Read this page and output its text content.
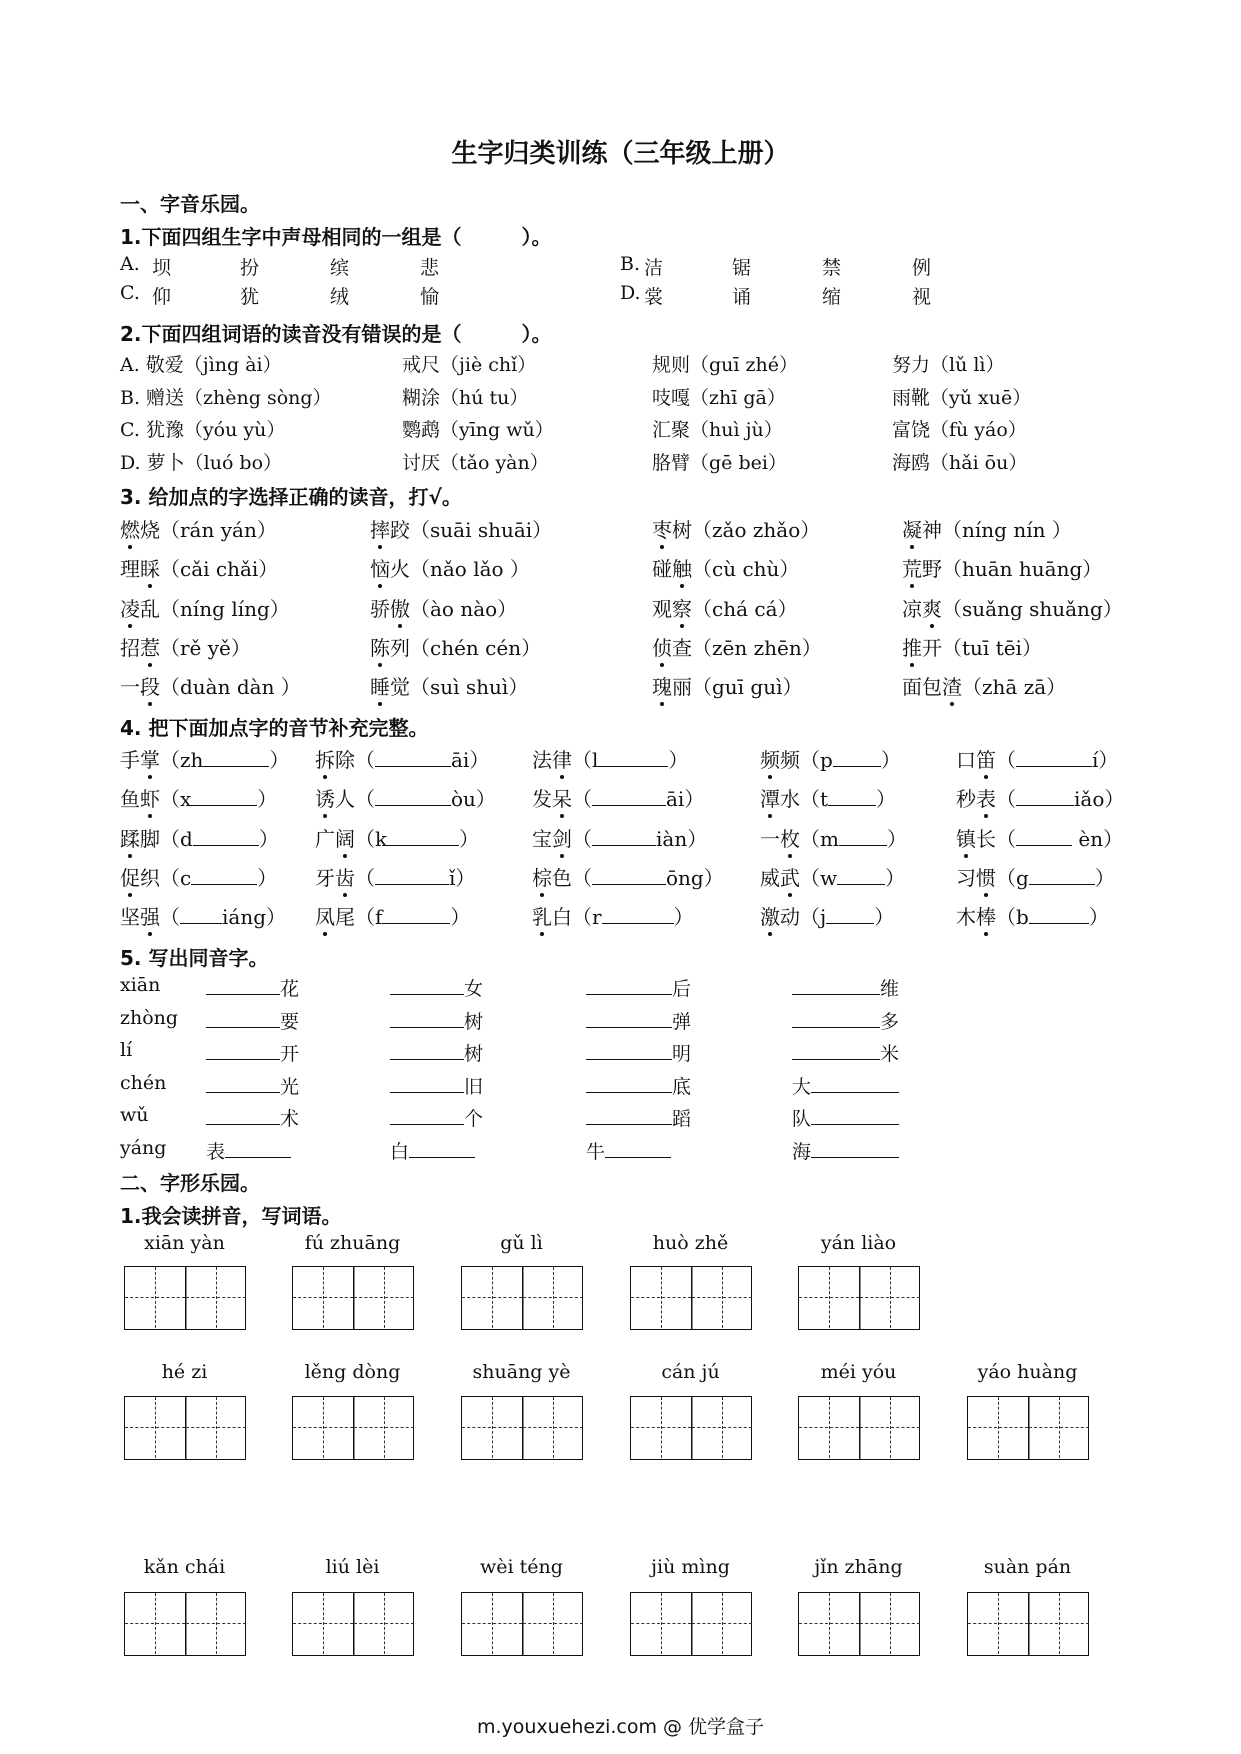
生字归类训练（三年级上册）
一、字音乐园。
1.下面四组生字中声母相同的一组是（　　　）。
A. 坝	扮	缤	悲	B. 洁	锯	禁	例
C. 仰	犹	绒	愉	D. 裳	诵	缩	视
2.下面四组词语的读音没有错误的是（　　　）。
A. 敬爱（jìng ài）	戒尺（jiè chǐ）	规则（guī zhé）	努力（lǔ lì）
B. 赠送（zhèng sòng）	糊涂（hú tu）	吱嘎（zhī gā）	雨靴（yǔ xuē）
C. 犹豫（yóu yù）	鹦鹉（yīng wǔ）	汇聚（huì jù）	富饶（fù yáo）
D. 萝卜（luó bo）	讨厌（tǎo yàn）	胳臂（gē bei）	海鸥（hǎi ōu）
3. 给加点的字选择正确的读音，打√。
燃烧（rán yán）	摔跤（suāi shuāi）	枣树（zǎo zhǎo）	凝神（níng nín ）
理睬（cǎi chǎi）	恼火（nǎo lǎo ）	碰触（cù chù）	荒野（huān huāng）
凌乱（níng líng）	骄傲（ào nào）	观察（chá cá）	凉爽（suǎng shuǎng）
招惹（rě yě）	陈列（chén cén）	侦查（zēn zhēn）	推开（tuī tēi）
一段（duàn dàn ）	睡觉（suì shuì）	瑰丽（guī guì）	面包渣（zhā zā）
4. 把下面加点字的音节补充完整。
手掌（zh	） 拆除（	āi） 法律（l	）	频频（p ）	口笛（	í）
鱼虾（x	） 诱人（	òu） 发呆（	āi）	潭水（t ）	秒表（	iǎo）
蹂脚（d	） 广阔（k	）	宝剑（	iàn）	一枚（m ） 镇长（	èn）
促织（c	） 牙齿（	ǐ）	棕色（	ōng） 威武（w ）	习惯（g	）
坚强（ iáng） 凤尾（f	）	乳白（r	）	激动（j ）	木棒（b	）
5. 写出同音字。
xiān	花	女	后	维
zhòng	要	树	弹	多
lí	开	树	明	米
chén	光	旧	底	大
wǔ	术	个	蹈	队
yáng 表	白	牛	海
二、字形乐园。
1.我会读拼音，写词语。
xiān yàn	fú zhuāng	gǔ lì	huò zhě	yán liào
hé zi	lěng dòng	shuāng yè	cán jú	méi yóu	yáo huàng
kǎn chái	liú lèi	wèi téng	jiù mìng	jǐn zhāng	suàn pán
m.youxuehezi.com @ 优学盒子
